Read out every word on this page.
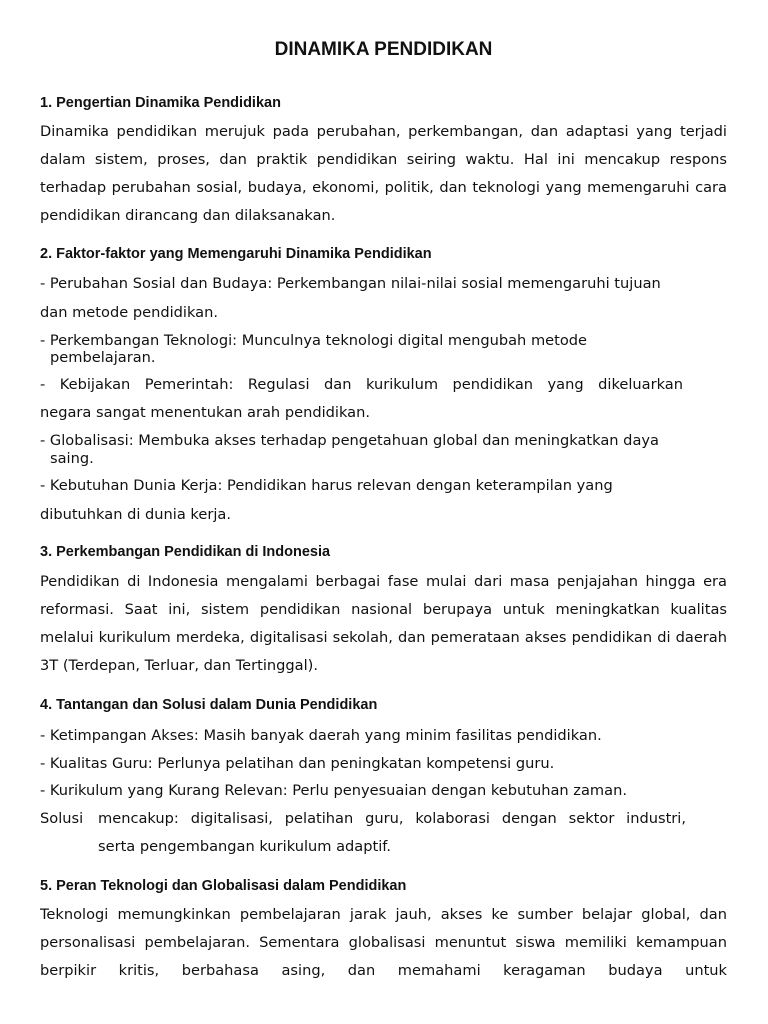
DINAMIKA PENDIDIKAN
1. Pengertian Dinamika Pendidikan
Dinamika pendidikan merujuk pada perubahan, perkembangan, dan adaptasi yang terjadi dalam sistem, proses, dan praktik pendidikan seiring waktu. Hal ini mencakup respons terhadap perubahan sosial, budaya, ekonomi, politik, dan teknologi yang memengaruhi cara pendidikan dirancang dan dilaksanakan.
2. Faktor-faktor yang Memengaruhi Dinamika Pendidikan
- Perubahan Sosial dan Budaya: Perkembangan nilai-nilai sosial memengaruhi tujuan
dan metode pendidikan.
- Perkembangan Teknologi: Munculnya teknologi digital mengubah metode
pembelajaran.
- Kebijakan Pemerintah: Regulasi dan kurikulum pendidikan yang dikeluarkan
negara sangat menentukan arah pendidikan.
- Globalisasi: Membuka akses terhadap pengetahuan global dan meningkatkan daya
saing.
- Kebutuhan Dunia Kerja: Pendidikan harus relevan dengan keterampilan yang
dibutuhkan di dunia kerja.
3. Perkembangan Pendidikan di Indonesia
Pendidikan di Indonesia mengalami berbagai fase mulai dari masa penjajahan hingga era reformasi. Saat ini, sistem pendidikan nasional berupaya untuk meningkatkan kualitas melalui kurikulum merdeka, digitalisasi sekolah, dan pemerataan akses pendidikan di daerah 3T (Terdepan, Terluar, dan Tertinggal).
4. Tantangan dan Solusi dalam Dunia Pendidikan
- Ketimpangan Akses: Masih banyak daerah yang minim fasilitas pendidikan.
- Kualitas Guru: Perlunya pelatihan dan peningkatan kompetensi guru.
- Kurikulum yang Kurang Relevan: Perlu penyesuaian dengan kebutuhan zaman.
Solusi	mencakup: digitalisasi, pelatihan guru, kolaborasi dengan sektor industri,
serta pengembangan kurikulum adaptif.
5. Peran Teknologi dan Globalisasi dalam Pendidikan
Teknologi memungkinkan pembelajaran jarak jauh, akses ke sumber belajar global, dan personalisasi pembelajaran. Sementara globalisasi menuntut siswa memiliki kemampuan berpikir kritis, berbahasa asing, dan memahami keragaman budaya untuk
